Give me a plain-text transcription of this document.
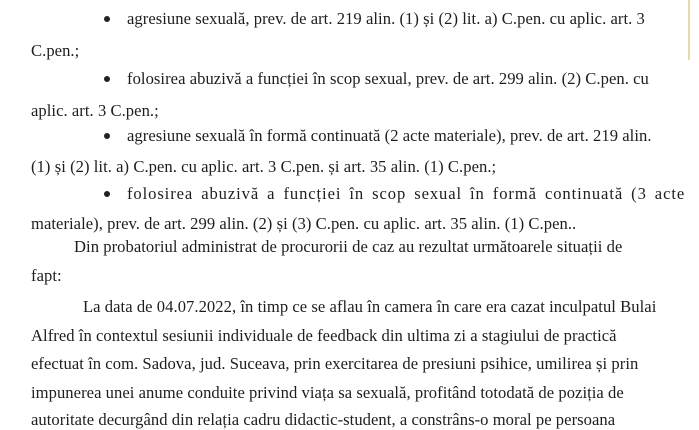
agresiune sexuală, prev. de art. 219 alin. (1) și (2) lit. a) C.pen. cu aplic. art. 3
C.pen.;
folosirea abuzivă a funcției în scop sexual, prev. de art. 299 alin. (2) C.pen. cu
aplic. art. 3 C.pen.;
agresiune sexuală în formă continuată (2 acte materiale), prev. de art. 219 alin.
(1) și (2) lit. a) C.pen. cu aplic. art. 3 C.pen. și art. 35 alin. (1) C.pen.;
folosirea abuzivă a funcției în scop sexual în formă continuată (3 acte
materiale), prev. de art. 299 alin. (2) și (3) C.pen. cu aplic. art. 35 alin. (1) C.pen..
Din probatoriul administrat de procurorii de caz au rezultat următoarele situații de
fapt:
La data de 04.07.2022, în timp ce se aflau în camera în care era cazat inculpatul Bulai
Alfred în contextul sesiunii individuale de feedback din ultima zi a stagiului de practică
efectuat în com. Sadova, jud. Suceava, prin exercitarea de presiuni psihice, umilirea și prin
impunerea unei anume conduite privind viața sa sexuală, profitând totodată de poziția de
autoritate decurgând din relația cadru didactic-student, a constrâns-o moral pe persoana
